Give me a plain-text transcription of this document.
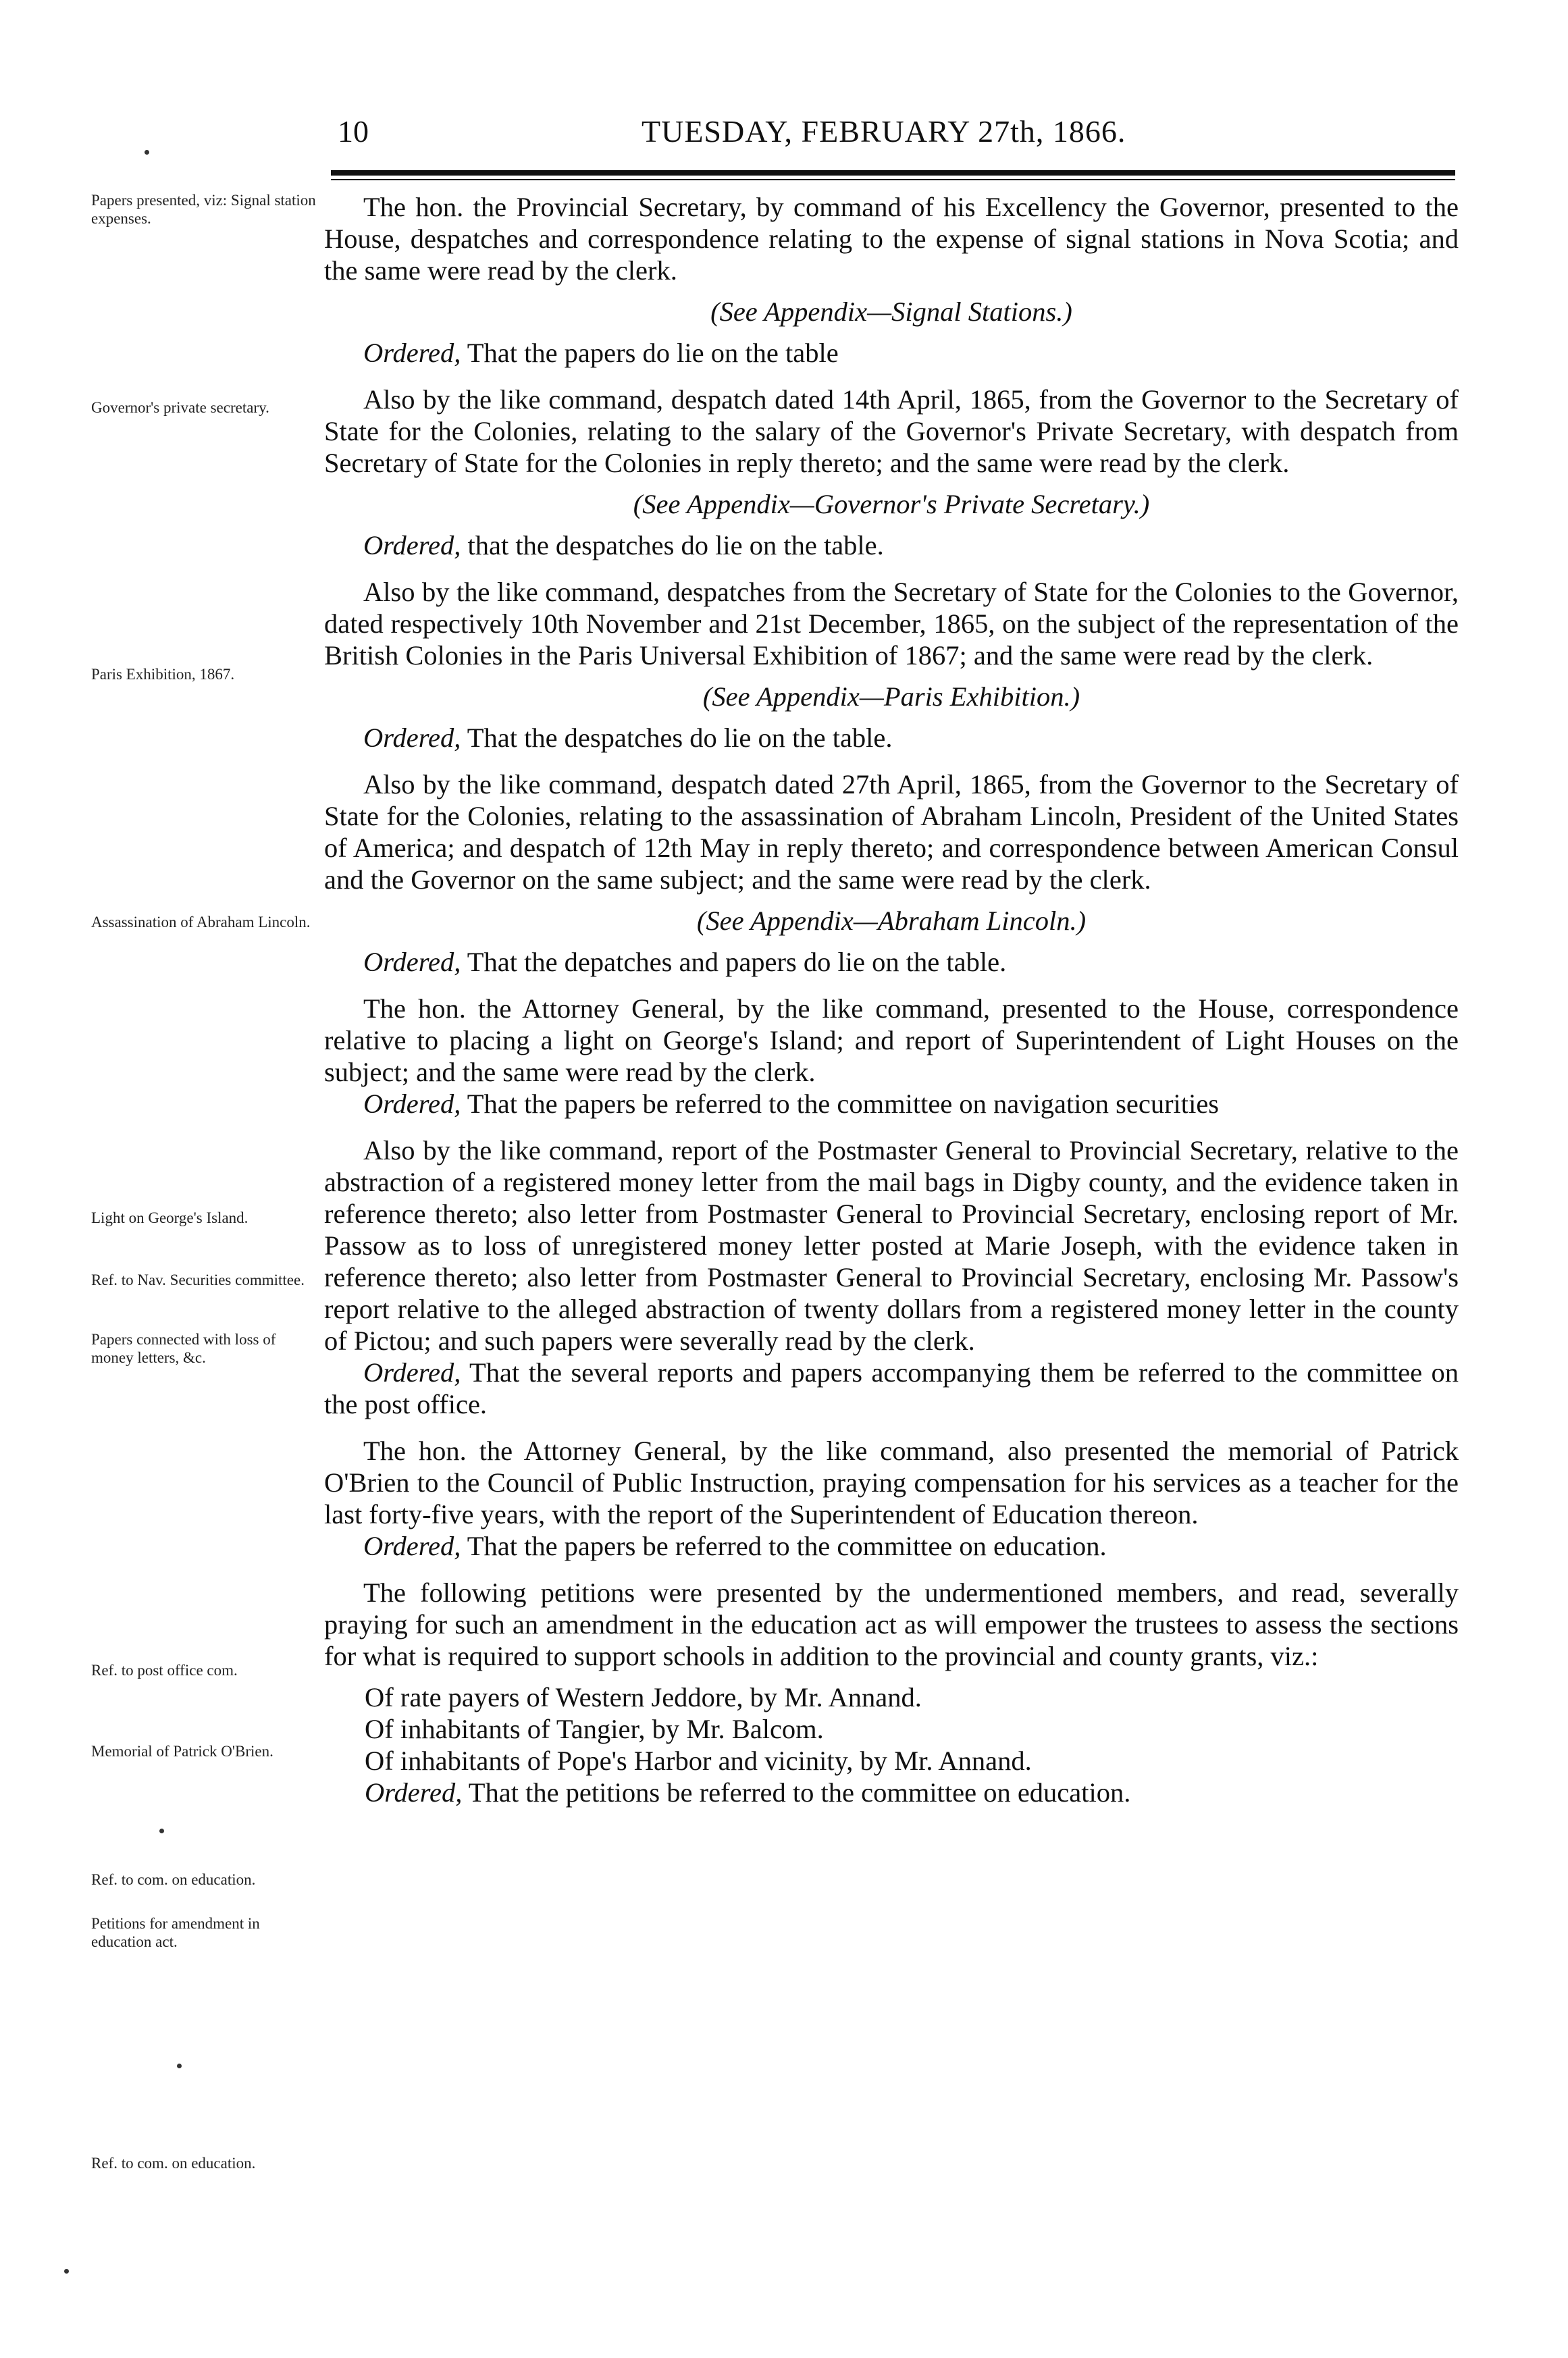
10	TUESDAY, FEBRUARY 27th, 1866.
Papers presented, viz: Signal station expenses.
Governor's private secretary.
Paris Exhibition, 1867.
Assassination of Abraham Lincoln.
Light on George's Island.
Ref. to Nav. Securities committee.
Papers connected with loss of money letters, &c.
Ref. to post office com.
Memorial of Patrick O'Brien.
Ref. to com. on education.
Petitions for amendment in education act.
Ref. to com. on education.

The hon. the Provincial Secretary, by command of his Excellency the Governor, presented to the House, despatches and correspondence relating to the expense of signal stations in Nova Scotia; and the same were read by the clerk.

(See Appendix—Signal Stations.)

Ordered, That the papers do lie on the table

Also by the like command, despatch dated 14th April, 1865, from the Governor to the Secretary of State for the Colonies, relating to the salary of the Governor's Private Secretary, with despatch from Secretary of State for the Colonies in reply thereto; and the same were read by the clerk.

(See Appendix—Governor's Private Secretary.)

Ordered, that the despatches do lie on the table.

Also by the like command, despatches from the Secretary of State for the Colonies to the Governor, dated respectively 10th November and 21st December, 1865, on the subject of the representation of the British Colonies in the Paris Universal Exhibition of 1867; and the same were read by the clerk.

(See Appendix—Paris Exhibition.)

Ordered, That the despatches do lie on the table.

Also by the like command, despatch dated 27th April, 1865, from the Governor to the Secretary of State for the Colonies, relating to the assassination of Abraham Lincoln, President of the United States of America; and despatch of 12th May in reply thereto; and correspondence between American Consul and the Governor on the same subject; and the same were read by the clerk.

(See Appendix—Abraham Lincoln.)

Ordered, That the depatches and papers do lie on the table.

The hon. the Attorney General, by the like command, presented to the House, correspondence relative to placing a light on George's Island; and report of Superintendent of Light Houses on the subject; and the same were read by the clerk.

Ordered, That the papers be referred to the committee on navigation securities

Also by the like command, report of the Postmaster General to Provincial Secretary, relative to the abstraction of a registered money letter from the mail bags in Digby county, and the evidence taken in reference thereto; also letter from Postmaster General to Provincial Secretary, enclosing report of Mr. Passow as to loss of unregistered money letter posted at Marie Joseph, with the evidence taken in reference thereto; also letter from Postmaster General to Provincial Secretary, enclosing Mr. Passow's report relative to the alleged abstraction of twenty dollars from a registered money letter in the county of Pictou; and such papers were severally read by the clerk.

Ordered, That the several reports and papers accompanying them be referred to the committee on the post office.

The hon. the Attorney General, by the like command, also presented the memorial of Patrick O'Brien to the Council of Public Instruction, praying compensation for his services as a teacher for the last forty-five years, with the report of the Superintendent of Education thereon.

Ordered, That the papers be referred to the committee on education.

The following petitions were presented by the undermentioned members, and read, severally praying for such an amendment in the education act as will empower the trustees to assess the sections for what is required to support schools in addition to the provincial and county grants, viz.:

Of rate payers of Western Jeddore, by Mr. Annand.

Of inhabitants of Tangier, by Mr. Balcom.

Of inhabitants of Pope's Harbor and vicinity, by Mr. Annand.

Ordered, That the petitions be referred to the committee on education.
